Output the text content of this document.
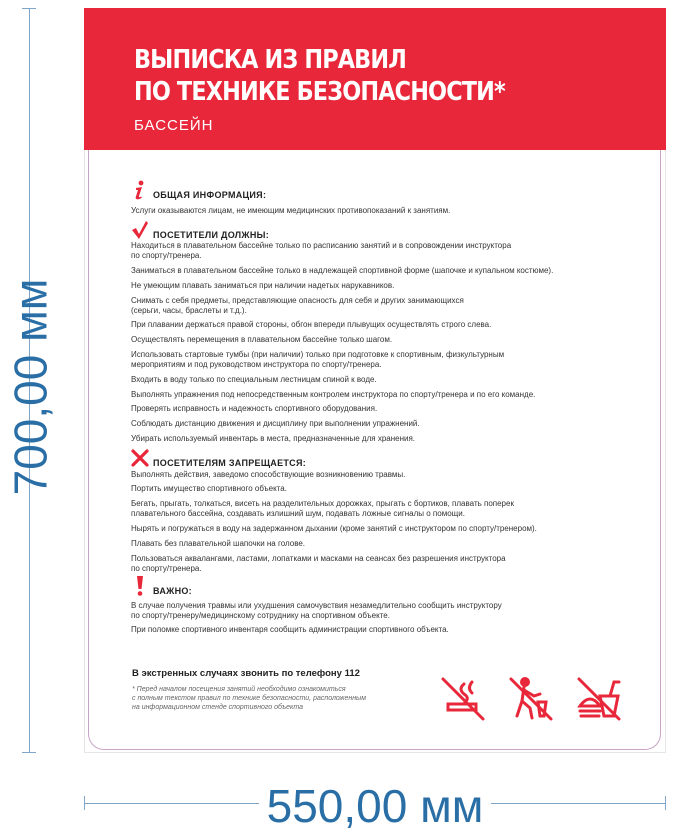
700,00 мм
550,00 мм
ВЫПИСКА ИЗ ПРАВИЛ
ПО ТЕХНИКЕ БЕЗОПАСНОСТИ*
БАССЕЙН
ОБЩАЯ ИНФОРМАЦИЯ:
Услуги оказываются лицам, не имеющим медицинских противопоказаний к занятиям.
ПОСЕТИТЕЛИ ДОЛЖНЫ:
Находиться в плавательном бассейне только по расписанию занятий и в сопровождении инструктора
по спорту/тренера.
Заниматься в плавательном бассейне только в надлежащей спортивной форме (шапочке и купальном костюме).
Не умеющим плавать заниматься при наличии надетых нарукавников.
Снимать с себя предметы, представляющие опасность для себя и других занимающихся
(серьги, часы, браслеты и т.д.).
При плавании держаться правой стороны, обгон впереди плывущих осуществлять строго слева.
Осуществлять перемещения в плавательном бассейне только шагом.
Использовать стартовые тумбы (при наличии) только при подготовке к спортивным, физкультурным
мероприятиям и под руководством инструктора по спорту/тренера.
Входить в воду только по специальным лестницам спиной к воде.
Выполнять упражнения под непосредственным контролем инструктора по спорту/тренера и по его команде.
Проверять исправность и надежность спортивного оборудования.
Соблюдать дистанцию движения и дисциплину при выполнении упражнений.
Убирать используемый инвентарь в места, предназначенные для хранения.
ПОСЕТИТЕЛЯМ ЗАПРЕЩАЕТСЯ:
Выполнять действия, заведомо способствующие возникновению травмы.
Портить имущество спортивного объекта.
Бегать, прыгать, толкаться, висеть на разделительных дорожках, прыгать с бортиков, плавать поперек
плавательного бассейна, создавать излишний шум, подавать ложные сигналы о помощи.
Нырять и погружаться в воду на задержанном дыхании (кроме занятий с инструктором по спорту/тренером).
Плавать без плавательной шапочки на голове.
Пользоваться аквалангами, ластами, лопатками и масками на сеансах без разрешения инструктора
по спорту/тренера.
ВАЖНО:
В случае получения травмы или ухудшения самочувствия незамедлительно сообщить инструктору
по спорту/тренеру/медицинскому сотруднику на спортивном объекте.
При поломке спортивного инвентаря сообщить администрации спортивного объекта.
В экстренных случаях звонить по телефону 112
* Перед началом посещения занятий необходимо ознакомиться
с полным текстом правил по технике безопасности, расположенным
на информационном стенде спортивного объекта
